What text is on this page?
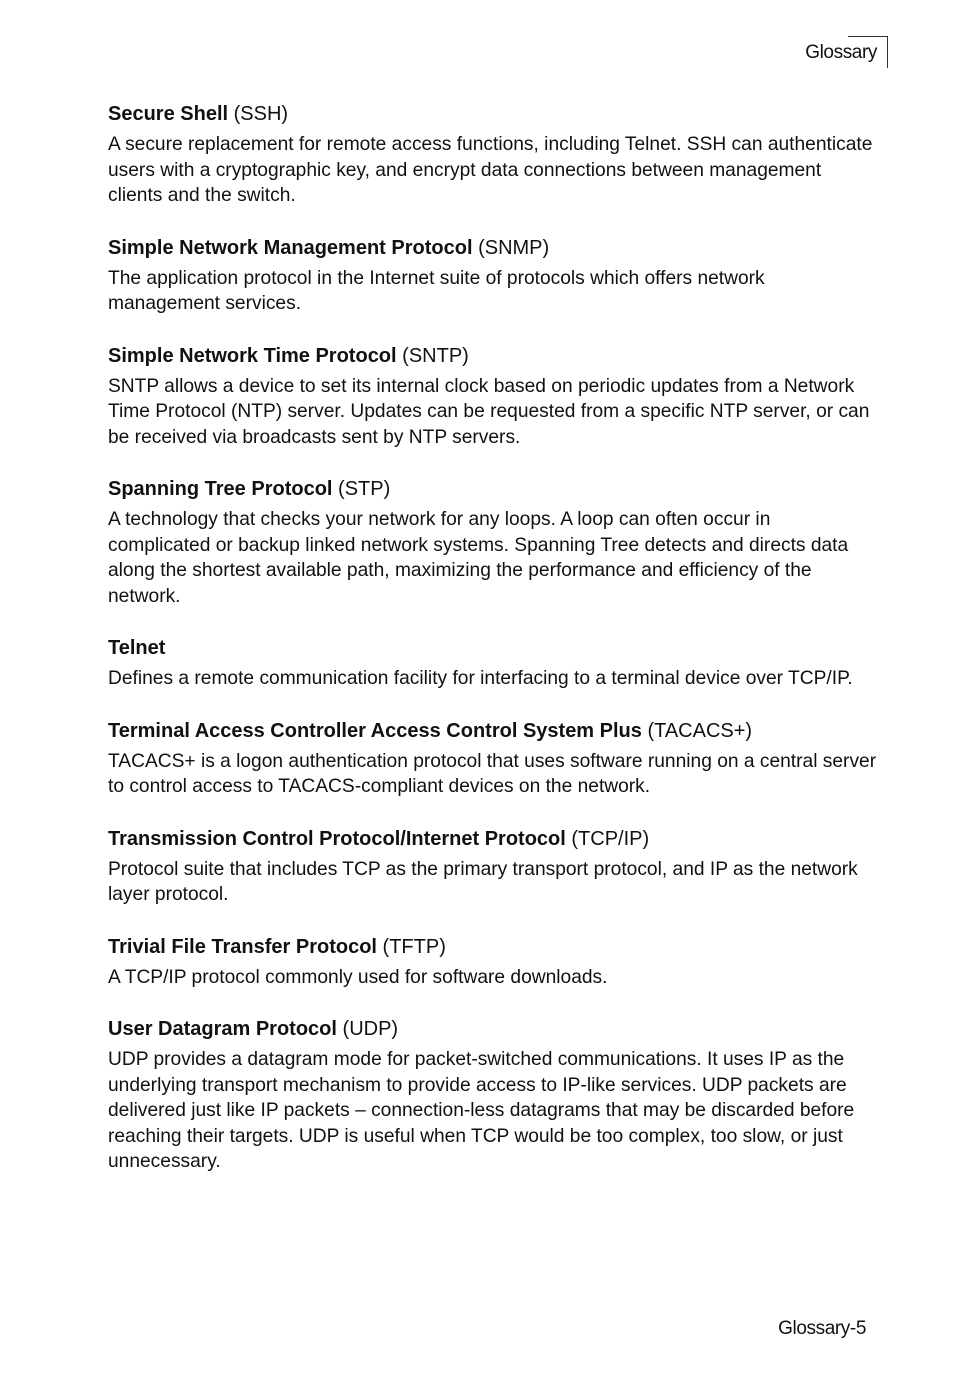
Glossary

Secure Shell (SSH)

A secure replacement for remote access functions, including Telnet. SSH can authenticate users with a cryptographic key, and encrypt data connections between management clients and the switch.

Simple Network Management Protocol (SNMP)

The application protocol in the Internet suite of protocols which offers network management services.

Simple Network Time Protocol (SNTP)

SNTP allows a device to set its internal clock based on periodic updates from a Network Time Protocol (NTP) server. Updates can be requested from a specific NTP server, or can be received via broadcasts sent by NTP servers.

Spanning Tree Protocol (STP)

A technology that checks your network for any loops. A loop can often occur in complicated or backup linked network systems. Spanning Tree detects and directs data along the shortest available path, maximizing the performance and efficiency of the network.

Telnet

Defines a remote communication facility for interfacing to a terminal device over TCP/IP.

Terminal Access Controller Access Control System Plus (TACACS+)

TACACS+ is a logon authentication protocol that uses software running on a central server to control access to TACACS-compliant devices on the network.

Transmission Control Protocol/Internet Protocol (TCP/IP)

Protocol suite that includes TCP as the primary transport protocol, and IP as the network layer protocol.

Trivial File Transfer Protocol (TFTP)

A TCP/IP protocol commonly used for software downloads.

User Datagram Protocol (UDP)

UDP provides a datagram mode for packet-switched communications. It uses IP as the underlying transport mechanism to provide access to IP-like services. UDP packets are delivered just like IP packets – connection-less datagrams that may be discarded before reaching their targets. UDP is useful when TCP would be too complex, too slow, or just unnecessary.

Glossary-5
